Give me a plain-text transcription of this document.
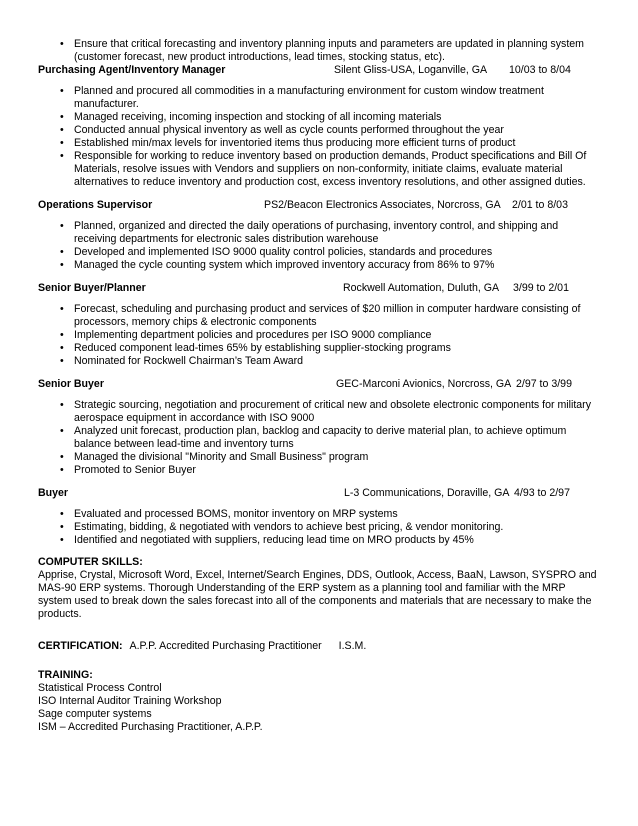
• Ensure that critical forecasting and inventory planning inputs and parameters are updated in planning system (customer forecast, new product introductions, lead times, stocking status, etc).
Purchasing Agent/Inventory Manager	Silent Gliss-USA, Loganville, GA 10/03 to 8/04
• Planned and procured all commodities in a manufacturing environment for custom window treatment manufacturer.
• Managed receiving, incoming inspection and stocking of all incoming materials
• Conducted annual physical inventory as well as cycle counts performed throughout the year
• Established min/max levels for inventoried items thus producing more efficient turns of product
• Responsible for working to reduce inventory based on production demands, Product specifications and Bill Of Materials, resolve issues with Vendors and suppliers on non-conformity, initiate claims, evaluate material alternatives to reduce inventory and production cost, excess inventory resolutions, and other assigned duties.
Operations Supervisor	PS2/Beacon Electronics Associates, Norcross, GA 2/01 to 8/03
• Planned, organized and directed the daily operations of purchasing, inventory control, and shipping and receiving departments for electronic sales distribution warehouse
• Developed and implemented ISO 9000 quality control policies, standards and procedures
• Managed the cycle counting system which improved inventory accuracy from 86% to 97%
Senior Buyer/Planner	Rockwell Automation, Duluth, GA 3/99 to 2/01
• Forecast, scheduling and purchasing product and services of $20 million in computer hardware consisting of processors, memory chips & electronic components
• Implementing department policies and procedures per ISO 9000 compliance
• Reduced component lead-times 65% by establishing supplier-stocking programs
• Nominated for Rockwell Chairman’s Team Award
Senior Buyer	GEC-Marconi Avionics, Norcross, GA 2/97 to 3/99
• Strategic sourcing, negotiation and procurement of critical new and obsolete electronic components for military aerospace equipment in accordance with ISO 9000
• Analyzed unit forecast, production plan, backlog and capacity to derive material plan, to achieve optimum balance between lead-time and inventory turns
• Managed the divisional "Minority and Small Business" program
• Promoted to Senior Buyer
Buyer	L-3 Communications, Doraville, GA 4/93 to 2/97
• Evaluated and processed BOMS, monitor inventory on MRP systems
• Estimating, bidding, & negotiated with vendors to achieve best pricing, & vendor monitoring.
• Identified and negotiated with suppliers, reducing lead time on MRO products by 45%
COMPUTER SKILLS:
Apprise, Crystal, Microsoft Word, Excel, Internet/Search Engines, DDS, Outlook, Access, BaaN, Lawson, SYSPRO and MAS-90 ERP systems. Thorough Understanding of the ERP system as a planning tool and familiar with the MRP system used to break down the sales forecast into all of the components and materials that are necessary to make the products.
CERTIFICATION: A.P.P. Accredited Purchasing Practitioner I.S.M.
TRAINING:
Statistical Process Control
ISO Internal Auditor Training Workshop
Sage computer systems
ISM – Accredited Purchasing Practitioner, A.P.P.
